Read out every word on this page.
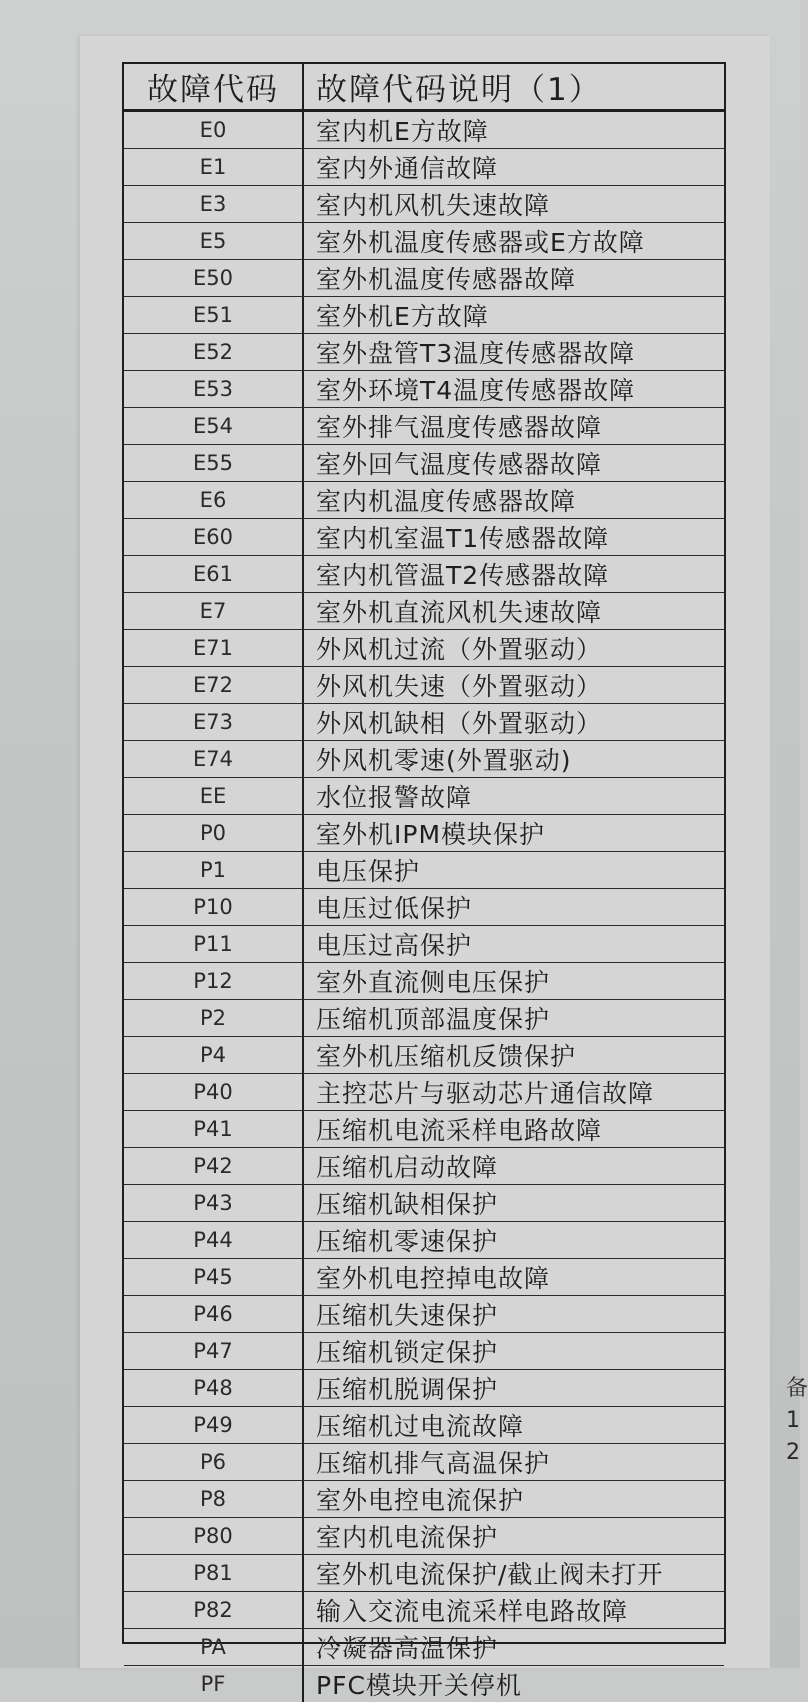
故障代码	故障代码说明（1）
E0	室内机E方故障
E1	室内外通信故障
E3	室内机风机失速故障
E5	室外机温度传感器或E方故障
E50	室外机温度传感器故障
E51	室外机E方故障
E52	室外盘管T3温度传感器故障
E53	室外环境T4温度传感器故障
E54	室外排气温度传感器故障
E55	室外回气温度传感器故障
E6	室内机温度传感器故障
E60	室内机室温T1传感器故障
E61	室内机管温T2传感器故障
E7	室外机直流风机失速故障
E71	外风机过流（外置驱动）
E72	外风机失速（外置驱动）
E73	外风机缺相（外置驱动）
E74	外风机零速(外置驱动)
EE	水位报警故障
P0	室外机IPM模块保护
P1	电压保护
P10	电压过低保护
P11	电压过高保护
P12	室外直流侧电压保护
P2	压缩机顶部温度保护
P4	室外机压缩机反馈保护
P40	主控芯片与驱动芯片通信故障
P41	压缩机电流采样电路故障
P42	压缩机启动故障
P43	压缩机缺相保护
P44	压缩机零速保护
P45	室外机电控掉电故障
P46	压缩机失速保护
P47	压缩机锁定保护
P48	压缩机脱调保护
P49	压缩机过电流故障
P6	压缩机排气高温保护
P8	室外电控电流保护
P80	室内机电流保护
P81	室外机电流保护/截止阀未打开
P82	输入交流电流采样电路故障
PA	冷凝器高温保护
PF	PFC模块开关停机
备
1
2
